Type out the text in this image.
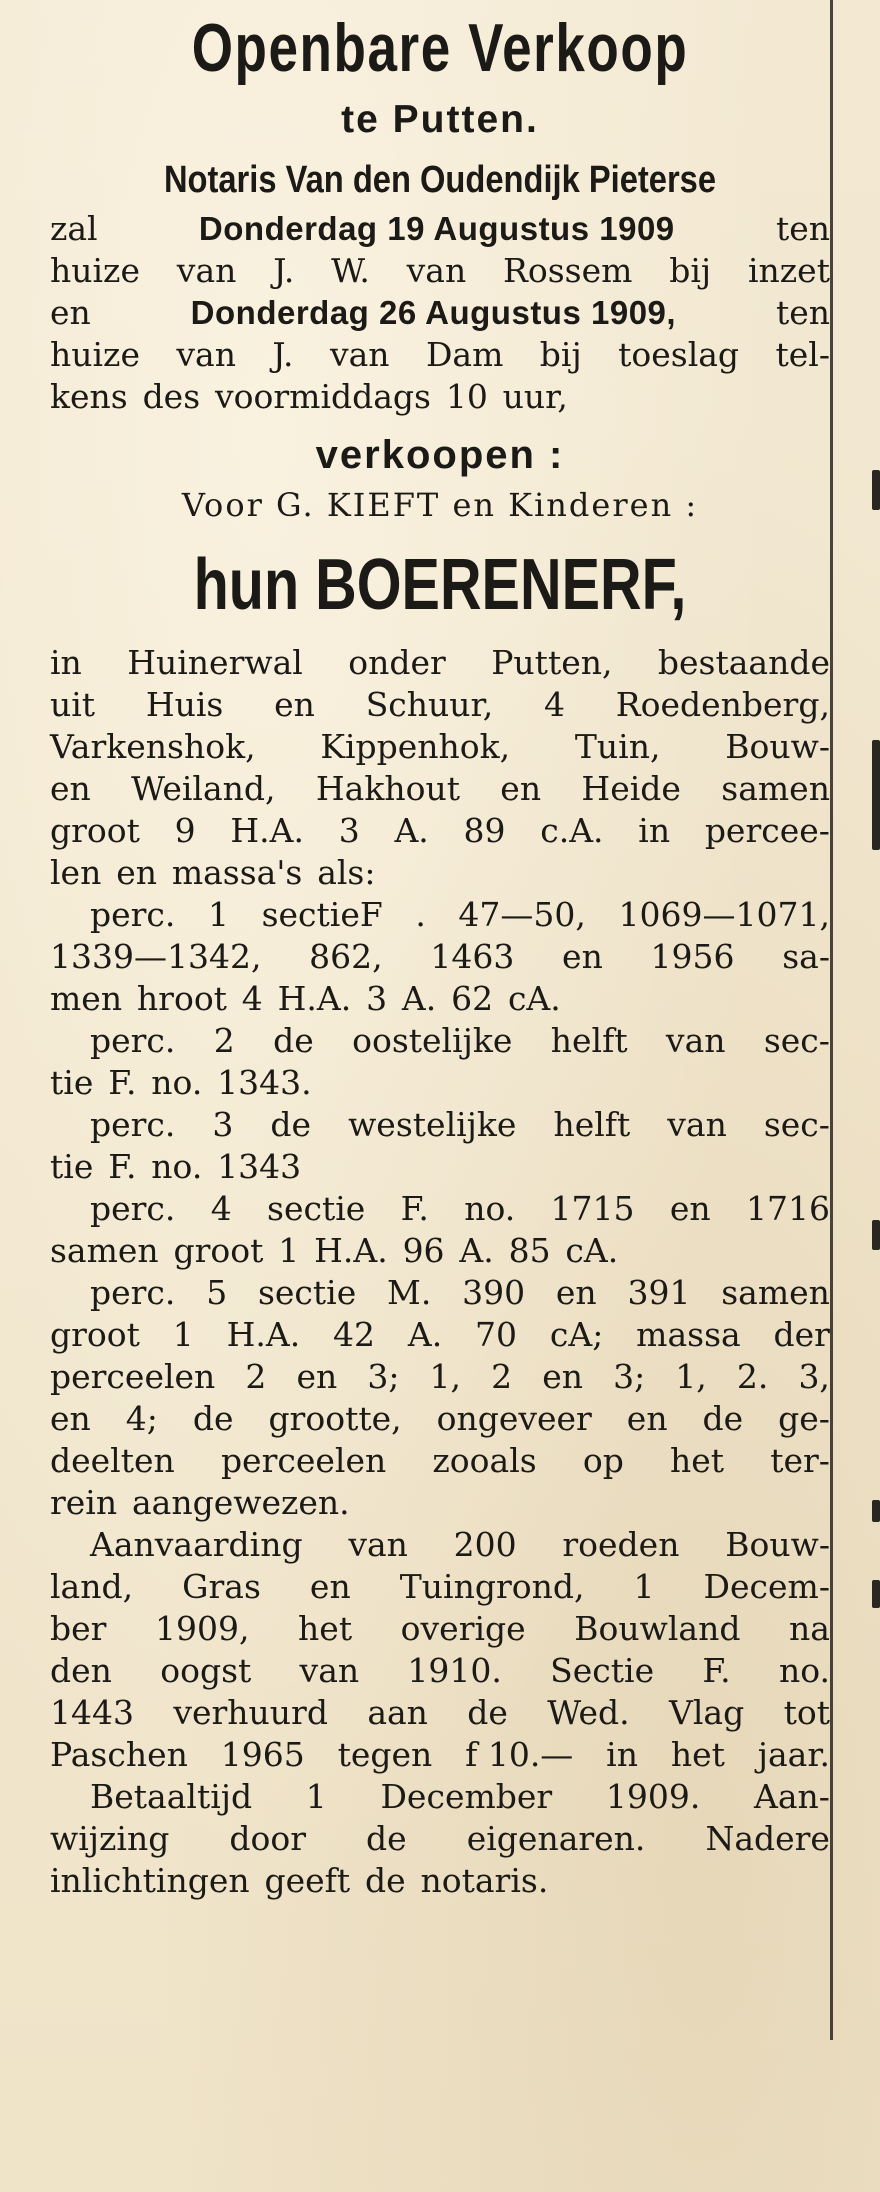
Openbare Verkoop
te Putten.
Notaris Van den Oudendijk Pieterse
zal	Donderdag 19 Augustus 1909	ten
huize van J. W. van Rossem bij inzet
en	Donderdag 26 Augustus 1909,	ten
huize van J. van Dam bij toeslag tel-
kens des voormiddags 10 uur,
verkoopen :
Voor G. KIEFT en Kinderen :
hun BOERENERF,
in Huinerwal onder Putten, bestaande
uit Huis en Schuur, 4 Roedenberg,
Varkenshok, Kippenhok, Tuin, Bouw-
en Weiland, Hakhout en Heide samen
groot 9 H.A. 3 A. 89 c.A. in perceе-
len en massa's als:
perc. 1 sectieF . 47—50, 1069—1071,
1339—1342, 862, 1463 en 1956 sa-
men hroot 4 H.A. 3 A. 62 cA.
perc. 2 de oostelijke helft van sec-
tie F. no. 1343.
perc. 3 de westelijke helft van sec-
tie F. no. 1343
perc. 4 sectie F. no. 1715 en 1716
samen groot 1 H.A. 96 A. 85 cA.
perc. 5 sectie M. 390 en 391 samen
groot 1 H.A. 42 A. 70 cA; massa der
perceelen 2 en 3; 1, 2 en 3; 1, 2. 3,
en 4; de grootte, ongeveer en de ge-
deelten perceelen zooals op het ter-
rein aangewezen.
Aanvaarding van 200 roeden Bouw-
land, Gras en Tuingrond, 1 Decem-
ber 1909, het overige Bouwland na
den oogst van 1910. Sectie F. no.
1443 verhuurd aan de Wed. Vlag tot
Paschen 1965 tegen f 10.— in het jaar.
Betaaltijd 1 December 1909. Aan-
wijzing door de eigenaren. Nadere
inlichtingen geeft de notaris.
